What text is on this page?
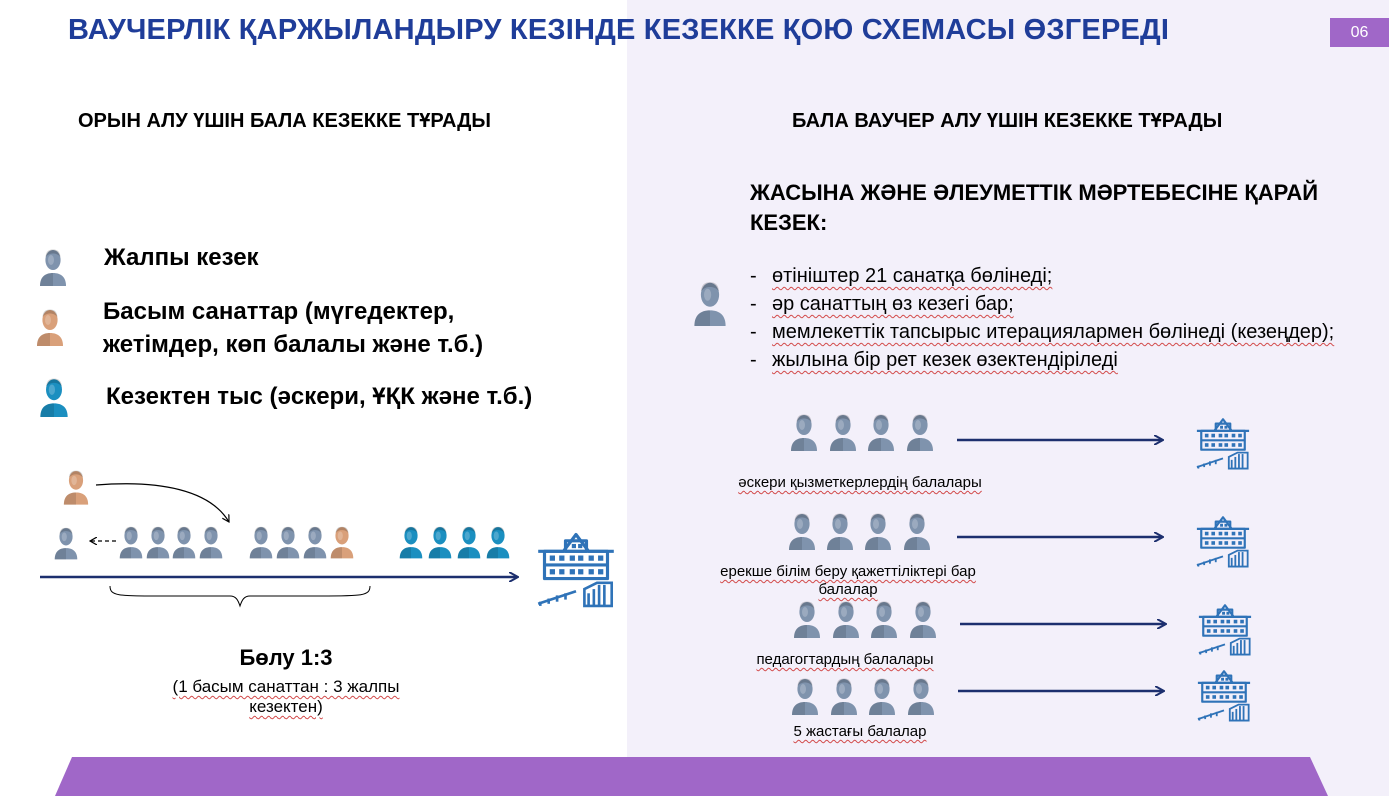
ВАУЧЕРЛІК ҚАРЖЫЛАНДЫРУ КЕЗІНДЕ КЕЗЕККЕ ҚОЮ СХЕМАСЫ ӨЗГЕРЕДІ	06
ОРЫН АЛУ ҮШІН БАЛА КЕЗЕККЕ ТҰРАДЫ	БАЛА ВАУЧЕР АЛУ ҮШІН КЕЗЕККЕ ТҰРАДЫ
Жалпы кезек
Басым санаттар (мүгедектер, жетімдер, көп балалы және т.б.)
Кезектен тыс (әскери, ҰҚК және т.б.)
ЖАСЫНА ЖӘНЕ ӘЛЕУМЕТТІК МӘРТЕБЕСІНЕ ҚАРАЙ КЕЗЕК:
- өтініштер 21 санатқа бөлінеді;
- әр санаттың өз кезегі бар;
- мемлекеттік тапсырыс итерациялармен бөлінеді (кезеңдер);
- жылына бір рет кезек өзектендіріледі
әскери қызметкерлердің балалары
ерекше білім беру қажеттіліктері бар балалар
педагогтардың балалары
5 жастағы балалар
Бөлу 1:3
(1 басым санаттан : 3 жалпы кезектен)
